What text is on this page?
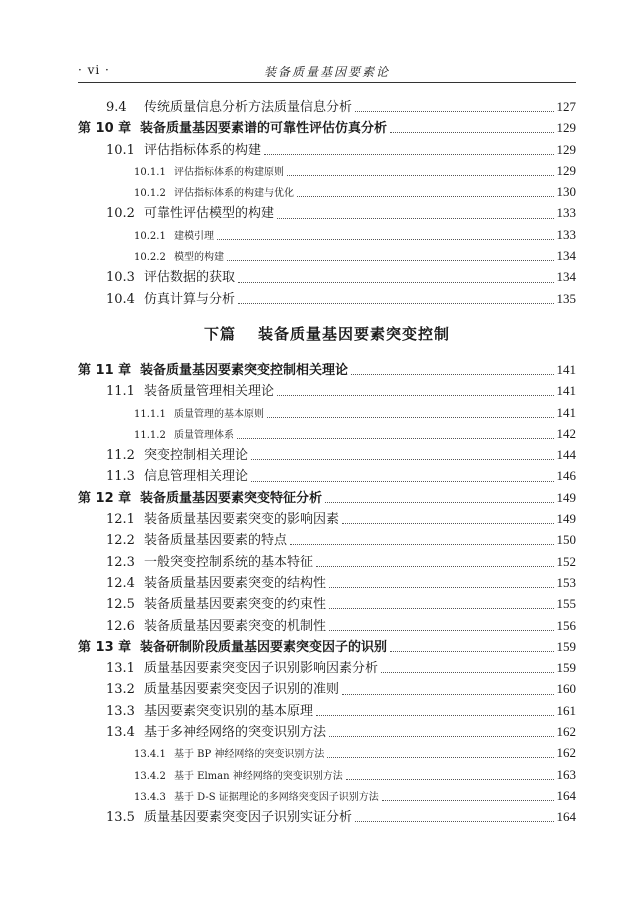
· vi ·	装备质量基因要素论
9.4	传统质量信息分析方法质量信息分析	127
第 10 章 装备质量基因要素谱的可靠性评估仿真分析	129
10.1 评估指标体系的构建	129
10.1.1 评估指标体系的构建原则	129
10.1.2 评估指标体系的构建与优化	130
10.2 可靠性评估模型的构建	133
10.2.1 建模引理	133
10.2.2 模型的构建	134
10.3 评估数据的获取	134
10.4 仿真计算与分析	135
下篇 装备质量基因要素突变控制
第 11 章 装备质量基因要素突变控制相关理论	141
11.1 装备质量管理相关理论	141
11.1.1 质量管理的基本原则	141
11.1.2 质量管理体系	142
11.2 突变控制相关理论	144
11.3 信息管理相关理论	146
第 12 章 装备质量基因要素突变特征分析	149
12.1 装备质量基因要素突变的影响因素	149
12.2 装备质量基因要素的特点	150
12.3 一般突变控制系统的基本特征	152
12.4 装备质量基因要素突变的结构性	153
12.5 装备质量基因要素突变的约束性	155
12.6 装备质量基因要素突变的机制性	156
第 13 章 装备研制阶段质量基因要素突变因子的识别	159
13.1 质量基因要素突变因子识别影响因素分析	159
13.2 质量基因要素突变因子识别的准则	160
13.3 基因要素突变识别的基本原理	161
13.4 基于多神经网络的突变识别方法	162
13.4.1 基于 BP 神经网络的突变识别方法	162
13.4.2 基于 Elman 神经网络的突变识别方法	163
13.4.3 基于 D-S 证据理论的多网络突变因子识别方法	164
13.5 质量基因要素突变因子识别实证分析	164
